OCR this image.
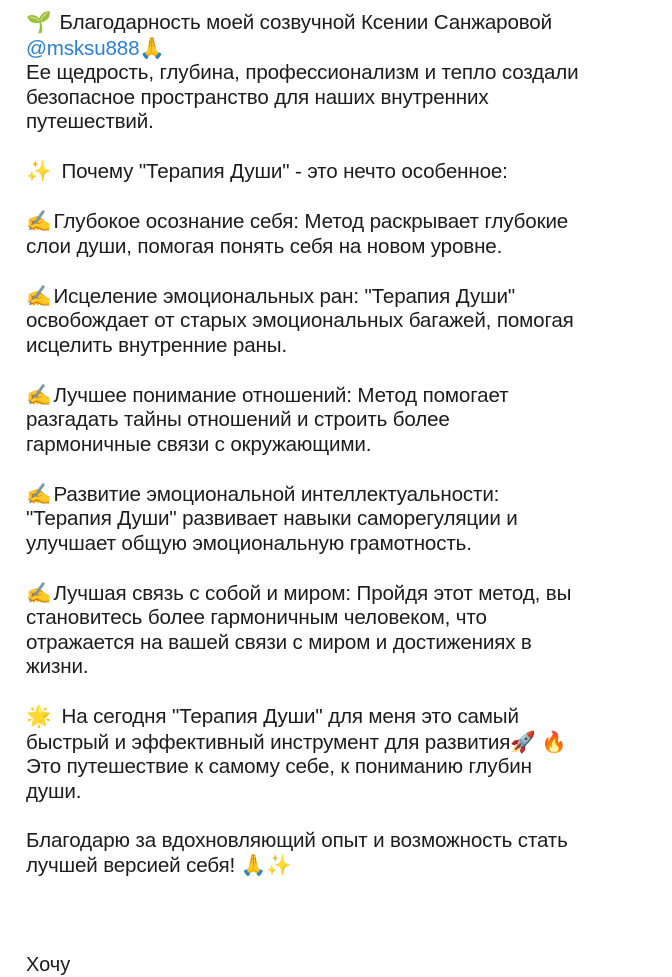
🌱 Благодарность моей созвучной Ксении Санжаровой
@msksu888🙏
Ее щедрость, глубина, профессионализм и тепло создали
безопасное пространство для наших внутренних
путешествий.
✨ Почему "Терапия Души" - это нечто особенное:
✍️Глубокое осознание себя: Метод раскрывает глубокие
слои души, помогая понять себя на новом уровне.
✍️Исцеление эмоциональных ран: "Терапия Души"
освобождает от старых эмоциональных багажей, помогая
исцелить внутренние раны.
✍️Лучшее понимание отношений: Метод помогает
разгадать тайны отношений и строить более
гармоничные связи с окружающими.
✍️Развитие эмоциональной интеллектуальности:
"Терапия Души" развивает навыки саморегуляции и
улучшает общую эмоциональную грамотность.
✍️Лучшая связь с собой и миром: Пройдя этот метод, вы
становитесь более гармоничным человеком, что
отражается на вашей связи с миром и достижениях в
жизни.
🌟 На сегодня "Терапия Души" для меня это самый
быстрый и эффективный инструмент для развития🚀 🔥
Это путешествие к самому себе, к пониманию глубин
души.
Благодарю за вдохновляющий опыт и возможность стать
лучшей версией себя! 🙏✨
Хочу
